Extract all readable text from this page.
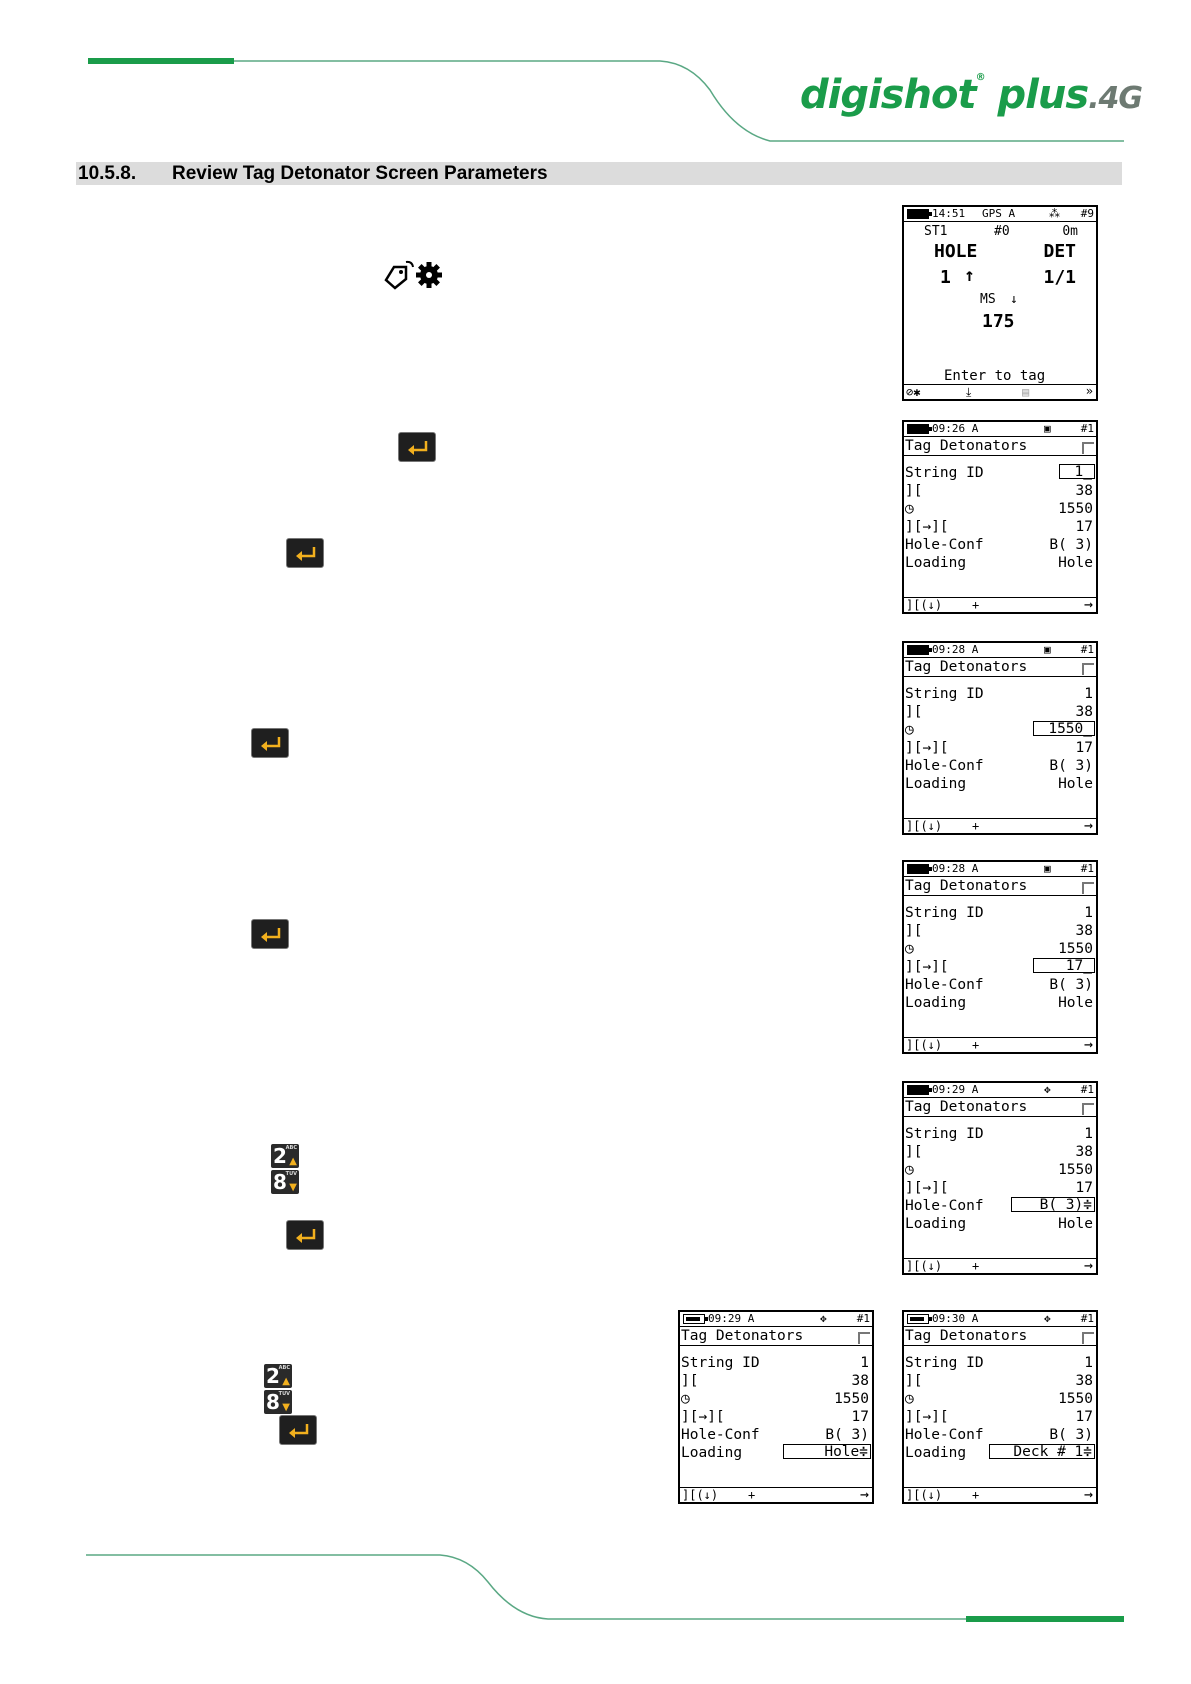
digishot® plus.4G
10.5.8. Review Tag Detonator Screen Parameters
2
ABC
▲
8
TUV
▼
2
ABC
▲
8
TUV
▼
14:51 GPS A	⁂ #9
ST1	#0	0m
HOLE	DET
1 ↑	1/1
MS ↓
175
Enter to tag
⊘✱	⤓	▤	»
09:26 A	▣	#1
Tag Detonators
String ID	1_
][	38
◷	1550
][→][	17
Hole-Conf	B( 3)
Loading	Hole
][(↓) +	→
09:28 A	▣	#1
Tag Detonators
String ID	1
][	38
◷	1550_
][→][	17
Hole-Conf	B( 3)
Loading	Hole
][(↓) +	→
09:28 A	▣	#1
Tag Detonators
String ID	1
][	38
◷	1550
][→][	17_
Hole-Conf	B( 3)
Loading	Hole
][(↓) +	→
09:29 A	✥	#1
Tag Detonators
String ID	1
][	38
◷	1550
][→][	17
Hole-Conf	B( 3)≑
Loading	Hole
][(↓) +	→
09:29 A	✥	#1
Tag Detonators
String ID	1
][	38
◷	1550
][→][	17
Hole-Conf	B( 3)
Loading	Hole≑
][(↓) +	→
09:30 A	✥	#1
Tag Detonators
String ID	1
][	38
◷	1550
][→][	17
Hole-Conf	B( 3)
Loading	Deck # 1≑
][(↓) +	→
